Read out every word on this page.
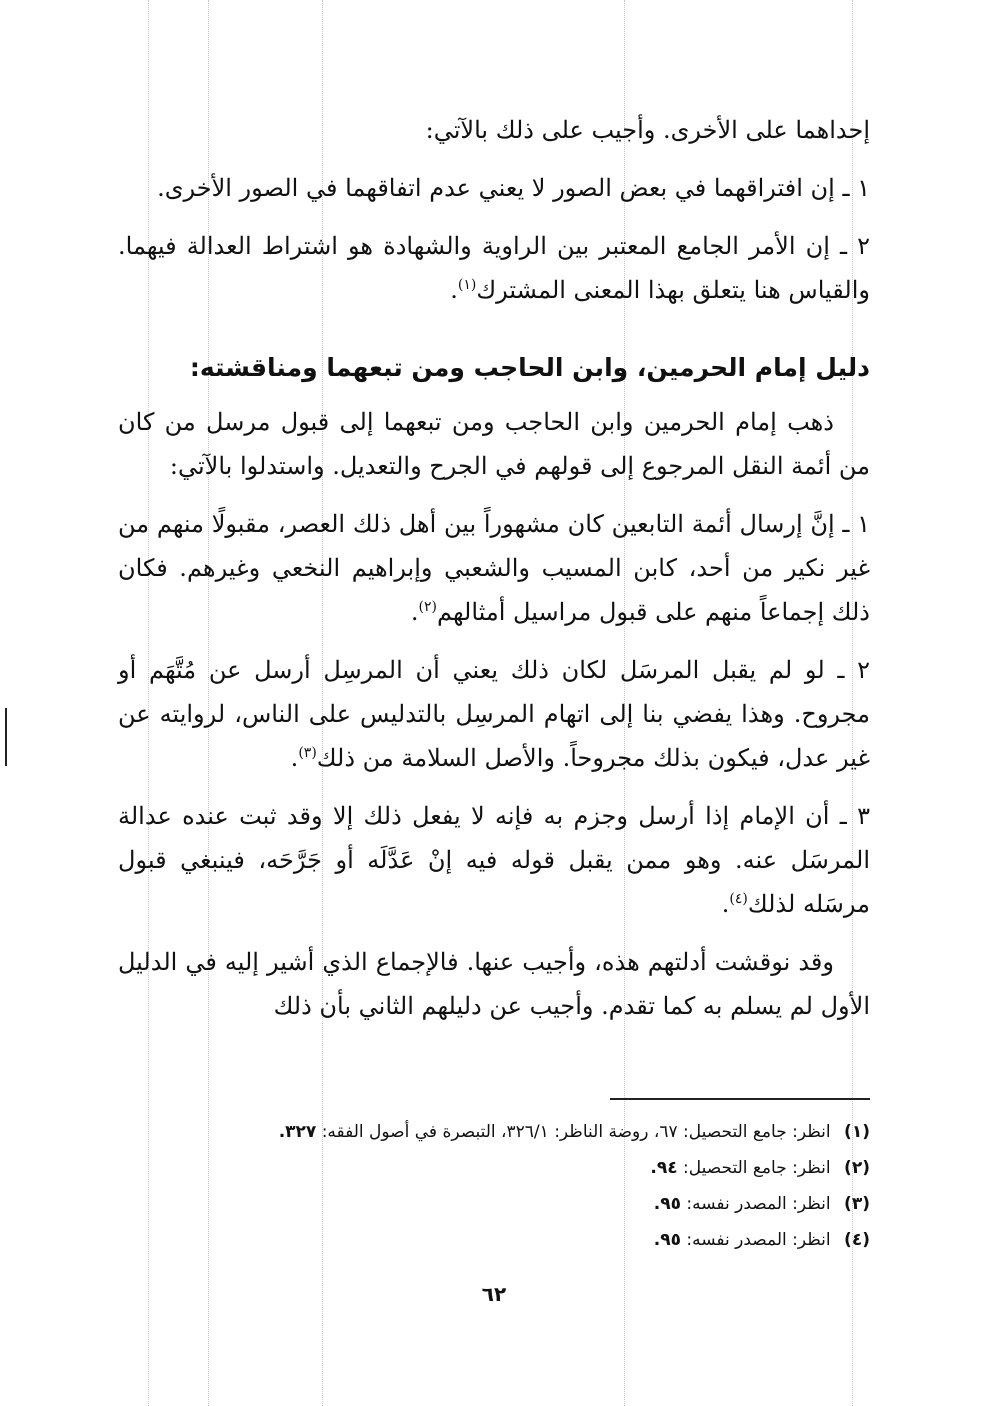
إحداهما على الأخرى. وأجيب على ذلك بالآتي:

١ ـ إن افتراقهما في بعض الصور لا يعني عدم اتفاقهما في الصور الأخرى.

٢ ـ إن الأمر الجامع المعتبر بين الراوية والشهادة هو اشتراط العدالة فيهما. والقياس هنا يتعلق بهذا المعنى المشترك$^{(١)}$.

دليل إمام الحرمين، وابن الحاجب ومن تبعهما ومناقشته:

ذهب إمام الحرمين وابن الحاجب ومن تبعهما إلى قبول مرسل من كان من أئمة النقل المرجوع إلى قولهم في الجرح والتعديل. واستدلوا بالآتي:

١ ـ إنَّ إرسال أئمة التابعين كان مشهوراً بين أهل ذلك العصر، مقبولًا منهم من غير نكير من أحد، كابن المسيب والشعبي وإبراهيم النخعي وغيرهم. فكان ذلك إجماعاً منهم على قبول مراسيل أمثالهم$^{(٢)}$.

٢ ـ لو لم يقبل المرسَل لكان ذلك يعني أن المرسِل أرسل عن مُتَّهَم أو مجروح. وهذا يفضي بنا إلى اتهام المرسِل بالتدليس على الناس، لروايته عن غير عدل، فيكون بذلك مجروحاً. والأصل السلامة من ذلك$^{(٣)}$.

٣ ـ أن الإمام إذا أرسل وجزم به فإنه لا يفعل ذلك إلا وقد ثبت عنده عدالة المرسَل عنه. وهو ممن يقبل قوله فيه إنْ عَدَّلَه أو جَرَّحَه، فينبغي قبول مرسَله لذلك$^{(٤)}$.

وقد نوقشت أدلتهم هذه، وأجيب عنها. فالإجماع الذي أشير إليه في الدليل الأول لم يسلم به كما تقدم. وأجيب عن دليلهم الثاني بأن ذلك

(١) انظر: جامع التحصيل: ٦٧، روضة الناظر: ٣٢٦/١، التبصرة في أصول الفقه: ٣٢٧.
(٢) انظر: جامع التحصيل: ٩٤.
(٣) انظر: المصدر نفسه: ٩٥.
(٤) انظر: المصدر نفسه: ٩٥.
٦٢
